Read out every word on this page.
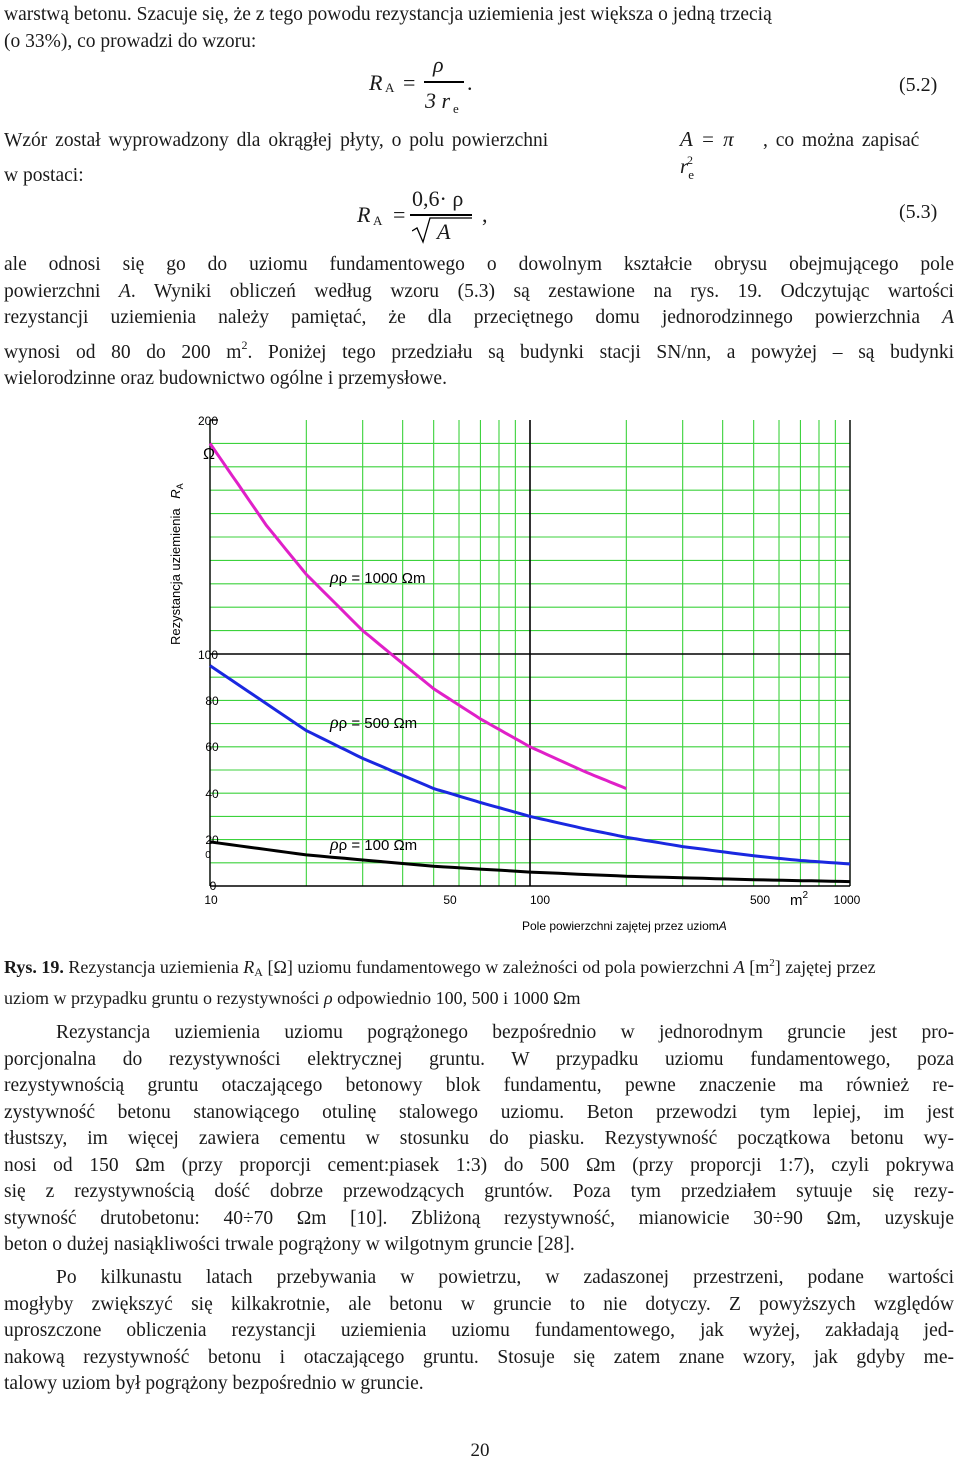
warstwą betonu. Szacuje się, że z tego powodu rezystancja uziemienia jest większa o jedną trzecią
(o 33%), co prowadzi do wzoru:
R A =
ρ
3 r e
.	(5.2)
Wzór został wyprowadzony dla okrągłej płyty, o polu powierzchni	A = π $r_e^2$
, co można zapisać
w postaci:
R A =
0,6· ρ
A
,	(5.3)
ale odnosi się go do uziomu fundamentowego o dowolnym kształcie obrysu obejmującego pole
powierzchni A. Wyniki obliczeń według wzoru (5.3) są zestawione na rys. 19. Odczytując wartości
rezystancji uziemienia należy pamiętać, że dla przeciętnego domu jednorodzinnego powierzchnia A
wynosi od 80 do 200 $m^2$. Poniżej tego przedziału są budynki stacji SN/nn, a powyżej – są budynki
wielorodzinne oraz budownictwo ogólne i przemysłowe.
0
0
20
40
60
80
100
200
Ω
Rezystancja uziemienia $R_A$
10	50	100	500	1000
$m^2$
Pole powierzchni zajętej przez uziomA
ρρ = 1000 Ωm
ρρ = 500 Ωm
ρρ = 100 Ωm
Rys. 19. Rezystancja uziemienia RA [Ω] uziomu fundamentowego w zależności od pola powierzchni A $[m^2]$ zajętej przez
uziom w przypadku gruntu o rezystywności ρ odpowiednio 100, 500 i 1000 Ωm
Rezystancja uziemienia uziomu pogrążonego bezpośrednio w jednorodnym gruncie jest pro-
porcjonalna do rezystywności elektrycznej gruntu. W przypadku uziomu fundamentowego, poza
rezystywnością gruntu otaczającego betonowy blok fundamentu, pewne znaczenie ma również re-
zystywność betonu stanowiącego otulinę stalowego uziomu. Beton przewodzi tym lepiej, im jest
tłustszy, im więcej zawiera cementu w stosunku do piasku. Rezystywność początkowa betonu wy-
nosi od 150 Ωm (przy proporcji cement:piasek 1:3) do 500 Ωm (przy proporcji 1:7), czyli pokrywa
się z rezystywnością dość dobrze przewodzących gruntów. Poza tym przedziałem sytuuje się rezy-
stywność drutobetonu: 40÷70 Ωm [10]. Zbliżoną rezystywność, mianowicie 30÷90 Ωm, uzyskuje
beton o dużej nasiąkliwości trwale pogrążony w wilgotnym gruncie [28].
Po kilkunastu latach przebywania w powietrzu, w zadaszonej przestrzeni, podane wartości
mogłyby zwiększyć się kilkakrotnie, ale betonu w gruncie to nie dotyczy. Z powyższych względów
uproszczone obliczenia rezystancji uziemienia uziomu fundamentowego, jak wyżej, zakładają jed-
nakową rezystywność betonu i otaczającego gruntu. Stosuje się zatem znane wzory, jak gdyby me-
talowy uziom był pogrążony bezpośrednio w gruncie.
20
